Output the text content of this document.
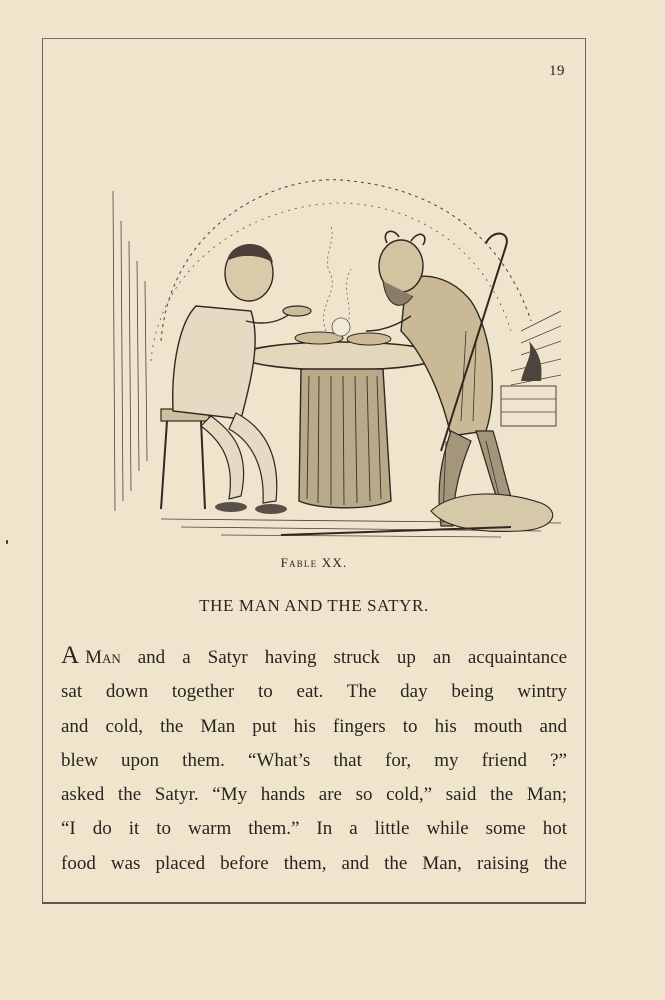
19
Fable XX.
THE MAN AND THE SATYR.
A Man and a Satyr having struck up an acquaintance
sat down together to eat. The day being wintry
and cold, the Man put his fingers to his mouth and
blew upon them. “What’s that for, my friend ?”
asked the Satyr. “My hands are so cold,” said the Man;
“I do it to warm them.” In a little while some hot
food was placed before them, and the Man, raising the
